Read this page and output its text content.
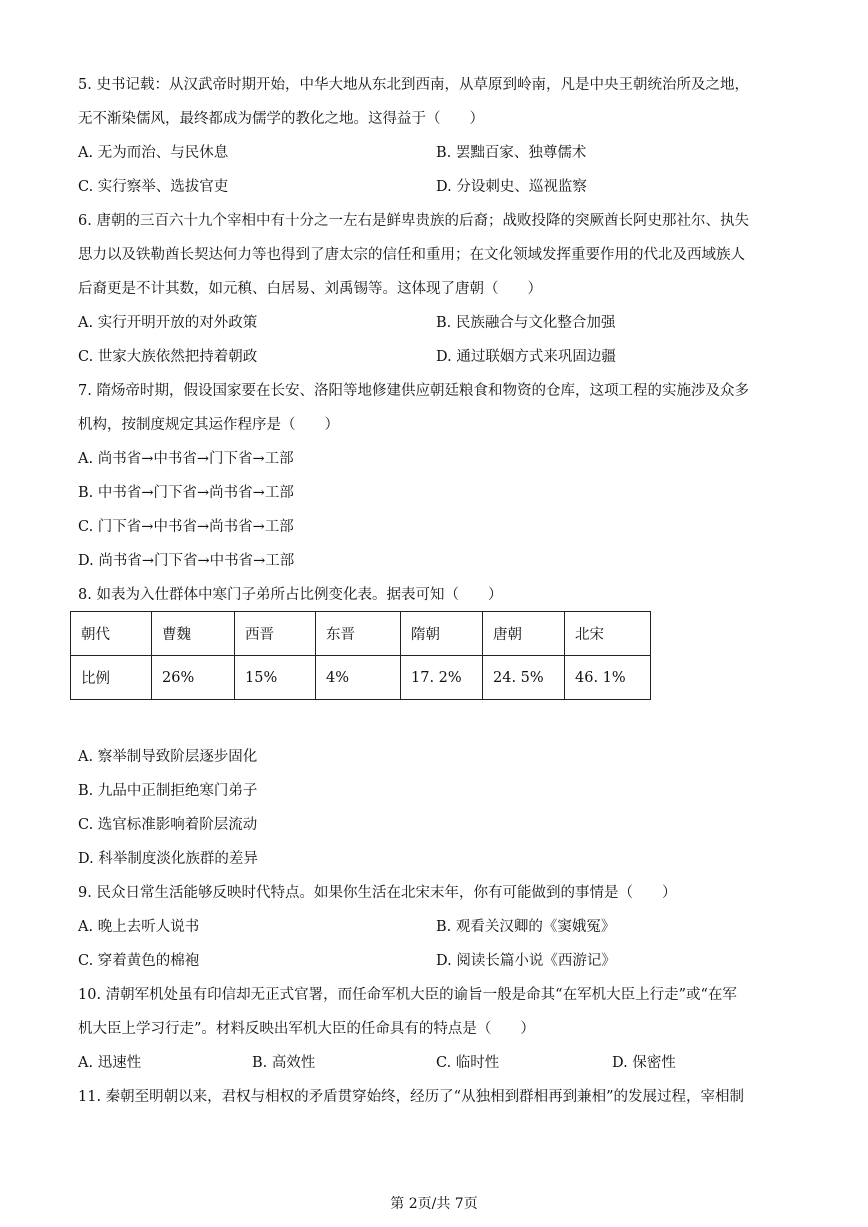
5. 史书记载：从汉武帝时期开始，中华大地从东北到西南，从草原到岭南，凡是中央王朝统治所及之地，
无不渐染儒风，最终都成为儒学的教化之地。这得益于（　　）
A. 无为而治、与民休息	B. 罢黜百家、独尊儒术
C. 实行察举、选拔官吏	D. 分设刺史、巡视监察
6. 唐朝的三百六十九个宰相中有十分之一左右是鲜卑贵族的后裔；战败投降的突厥酋长阿史那社尔、执失
思力以及铁勒酋长契达何力等也得到了唐太宗的信任和重用；在文化领域发挥重要作用的代北及西域族人
后裔更是不计其数，如元稹、白居易、刘禹锡等。这体现了唐朝（　　）
A. 实行开明开放的对外政策	B. 民族融合与文化整合加强
C. 世家大族依然把持着朝政	D. 通过联姻方式来巩固边疆
7. 隋炀帝时期，假设国家要在长安、洛阳等地修建供应朝廷粮食和物资的仓库，这项工程的实施涉及众多
机构，按制度规定其运作程序是（　　）
A. 尚书省→中书省→门下省→工部
B. 中书省→门下省→尚书省→工部
C. 门下省→中书省→尚书省→工部
D. 尚书省→门下省→中书省→工部
8. 如表为入仕群体中寒门子弟所占比例变化表。据表可知（　　）
朝代	曹魏	西晋	东晋	隋朝	唐朝	北宋
比例	26%	15%	4%	17. 2%	24. 5%	46. 1%
A. 察举制导致阶层逐步固化
B. 九品中正制拒绝寒门弟子
C. 选官标准影响着阶层流动
D. 科举制度淡化族群的差异
9. 民众日常生活能够反映时代特点。如果你生活在北宋末年，你有可能做到的事情是（　　）
A. 晚上去听人说书	B. 观看关汉卿的《窦娥冤》
C. 穿着黄色的棉袍	D. 阅读长篇小说《西游记》
10. 清朝军机处虽有印信却无正式官署，而任命军机大臣的谕旨一般是命其“在军机大臣上行走”或“在军
机大臣上学习行走”。材料反映出军机大臣的任命具有的特点是（　　）
A. 迅速性	B. 高效性	C. 临时性	D. 保密性
11. 秦朝至明朝以来，君权与相权的矛盾贯穿始终，经历了“从独相到群相再到兼相”的发展过程，宰相制
第 2页/共 7页
